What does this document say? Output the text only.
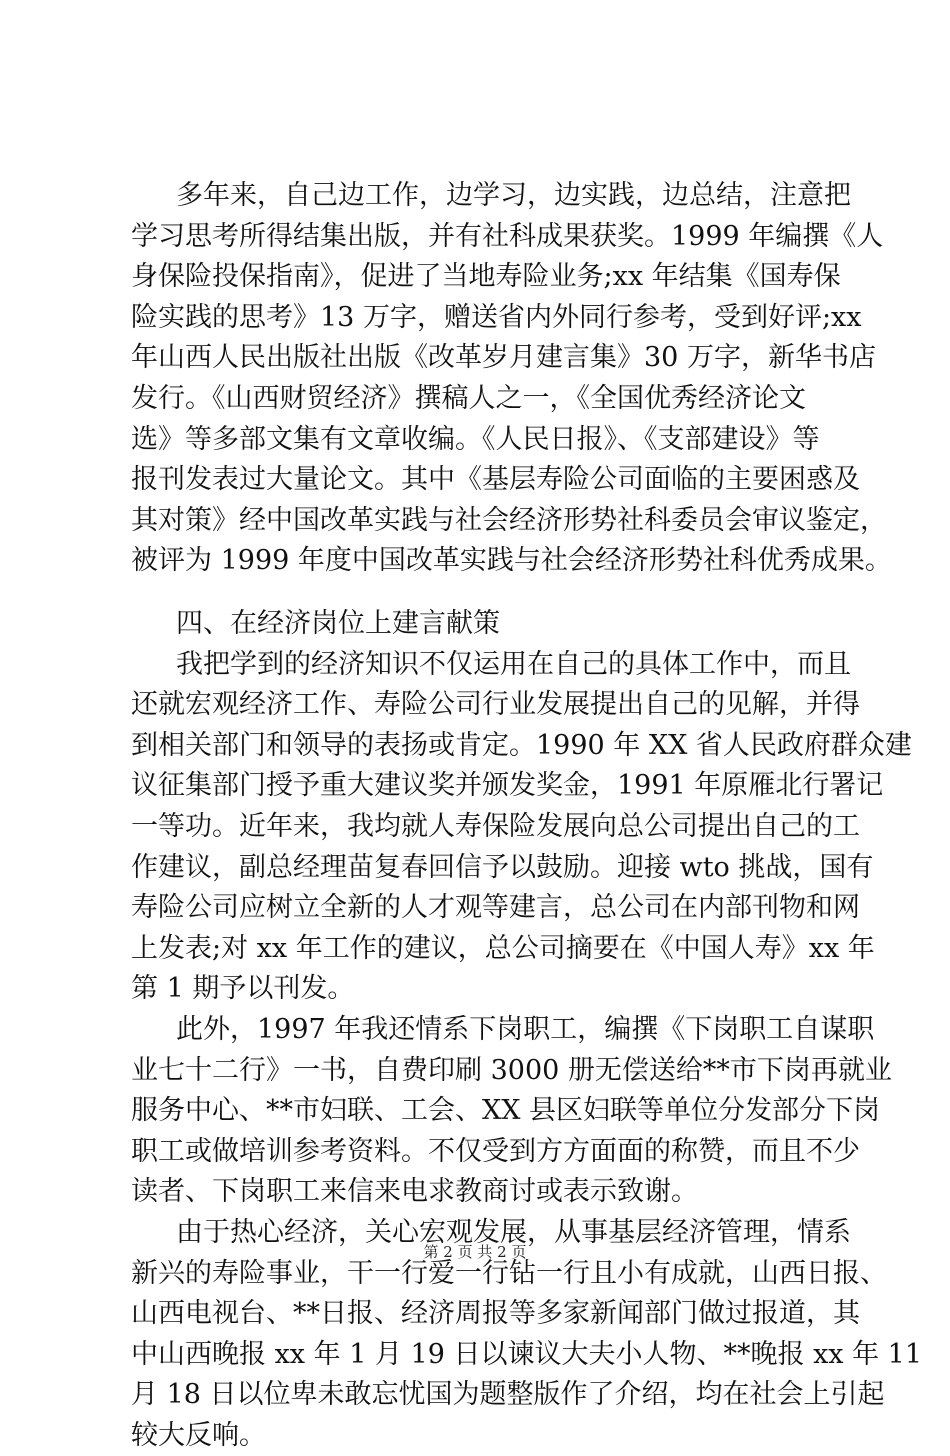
多年来，自己边工作，边学习，边实践，边总结，注意把
学习思考所得结集出版，并有社科成果获奖。1999 年编撰《人
身保险投保指南》，促进了当地寿险业务;xx 年结集《国寿保
险实践的思考》13 万字，赠送省内外同行参考，受到好评;xx
年山西人民出版社出版《改革岁月建言集》30 万字，新华书店
发行。《山西财贸经济》撰稿人之一，《全国优秀经济论文
选》等多部文集有文章收编。《人民日报》、《支部建设》等
报刊发表过大量论文。其中《基层寿险公司面临的主要困惑及
其对策》经中国改革实践与社会经济形势社科委员会审议鉴定，
被评为 1999 年度中国改革实践与社会经济形势社科优秀成果。
四、在经济岗位上建言献策
我把学到的经济知识不仅运用在自己的具体工作中，而且
还就宏观经济工作、寿险公司行业发展提出自己的见解，并得
到相关部门和领导的表扬或肯定。1990 年 XX 省人民政府群众建
议征集部门授予重大建议奖并颁发奖金，1991 年原雁北行署记
一等功。近年来，我均就人寿保险发展向总公司提出自己的工
作建议，副总经理苗复春回信予以鼓励。迎接 wto 挑战，国有
寿险公司应树立全新的人才观等建言，总公司在内部刊物和网
上发表;对 xx 年工作的建议，总公司摘要在《中国人寿》xx 年
第 1 期予以刊发。
此外，1997 年我还情系下岗职工，编撰《下岗职工自谋职
业七十二行》一书，自费印刷 3000 册无偿送给**市下岗再就业
服务中心、**市妇联、工会、XX 县区妇联等单位分发部分下岗
职工或做培训参考资料。不仅受到方方面面的称赞，而且不少
读者、下岗职工来信来电求教商讨或表示致谢。
由于热心经济，关心宏观发展，从事基层经济管理，情系
新兴的寿险事业，干一行爱一行钻一行且小有成就，山西日报、
山西电视台、**日报、经济周报等多家新闻部门做过报道，其
中山西晚报 xx 年 1 月 19 日以谏议大夫小人物、**晚报 xx 年 11
月 18 日以位卑未敢忘忧国为题整版作了介绍，均在社会上引起
较大反响。
第 2 页 共 2 页
